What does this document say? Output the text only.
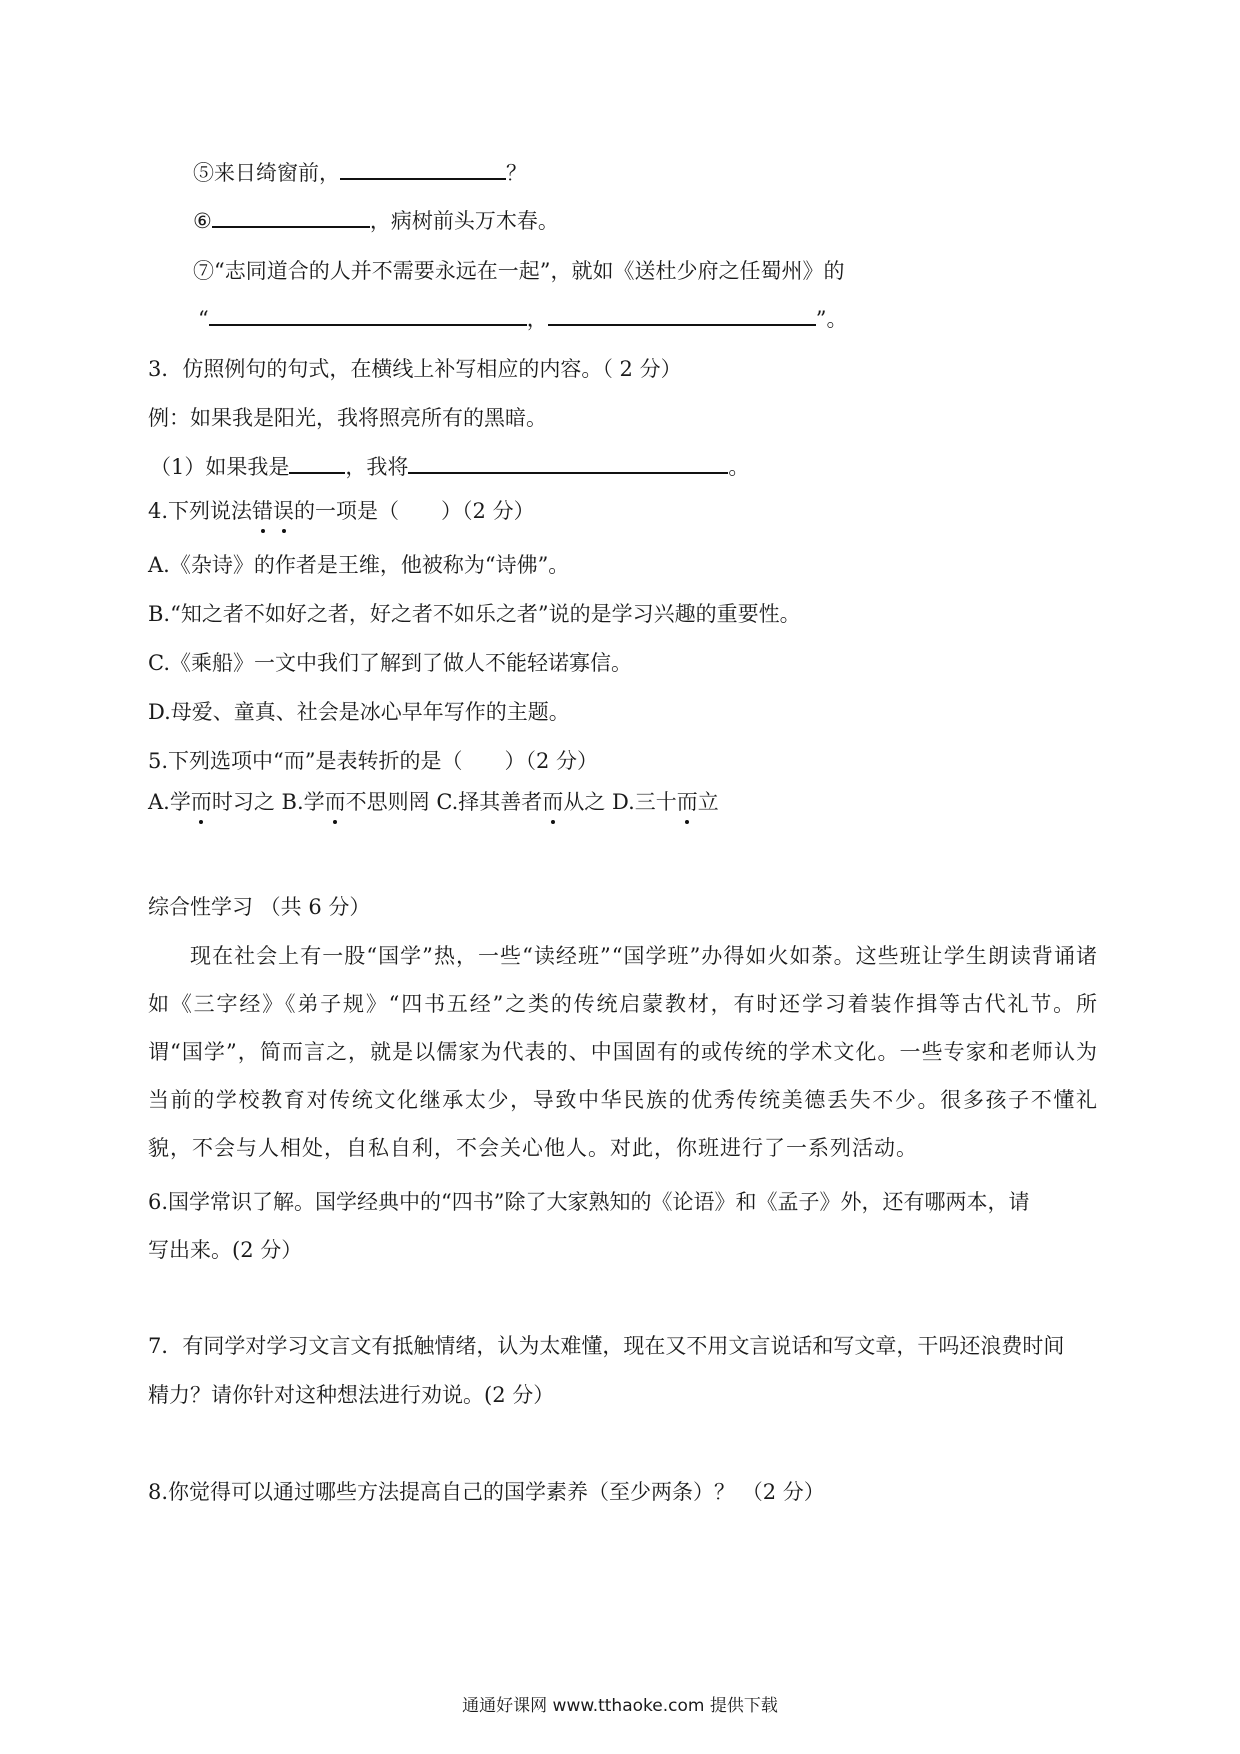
⑤来日绮窗前，	？
⑥	，病树前头万木春。
⑦“志同道合的人并不需要永远在一起”，就如《送杜少府之任蜀州》的
“	，	”。
3．仿照例句的句式，在横线上补写相应的内容。（ 2 分）
例：如果我是阳光，我将照亮所有的黑暗。
（1）如果我是	，我将	。
4.下列说法错误的一项是（　　）（2 分）
A.《杂诗》的作者是王维，他被称为“诗佛”。
B.“知之者不如好之者，好之者不如乐之者”说的是学习兴趣的重要性。
C.《乘船》一文中我们了解到了做人不能轻诺寡信。
D.母爱、童真、社会是冰心早年写作的主题。
5.下列选项中“而”是表转折的是（　　）（2 分）
A.学而时习之 B.学而不思则罔 C.择其善者而从之 D.三十而立
综合性学习 （共 6 分）
现在社会上有一股“国学”热，一些“读经班”“国学班”办得如火如荼。这些班让学生朗读背诵诸如《三字经》《弟子规》“四书五经”之类的传统启蒙教材，有时还学习着装作揖等古代礼节。所谓“国学”，简而言之，就是以儒家为代表的、中国固有的或传统的学术文化。一些专家和老师认为当前的学校教育对传统文化继承太少，导致中华民族的优秀传统美德丢失不少。很多孩子不懂礼貌，不会与人相处，自私自利，不会关心他人。对此，你班进行了一系列活动。
6.国学常识了解。国学经典中的“四书”除了大家熟知的《论语》和《孟子》外，还有哪两本，请
写出来。(2 分）
7．有同学对学习文言文有抵触情绪，认为太难懂，现在又不用文言说话和写文章，干吗还浪费时间
精力？请你针对这种想法进行劝说。(2 分）
8.你觉得可以通过哪些方法提高自己的国学素养（至少两条）？ （2 分）
通通好课网 www.tthaoke.com 提供下载
